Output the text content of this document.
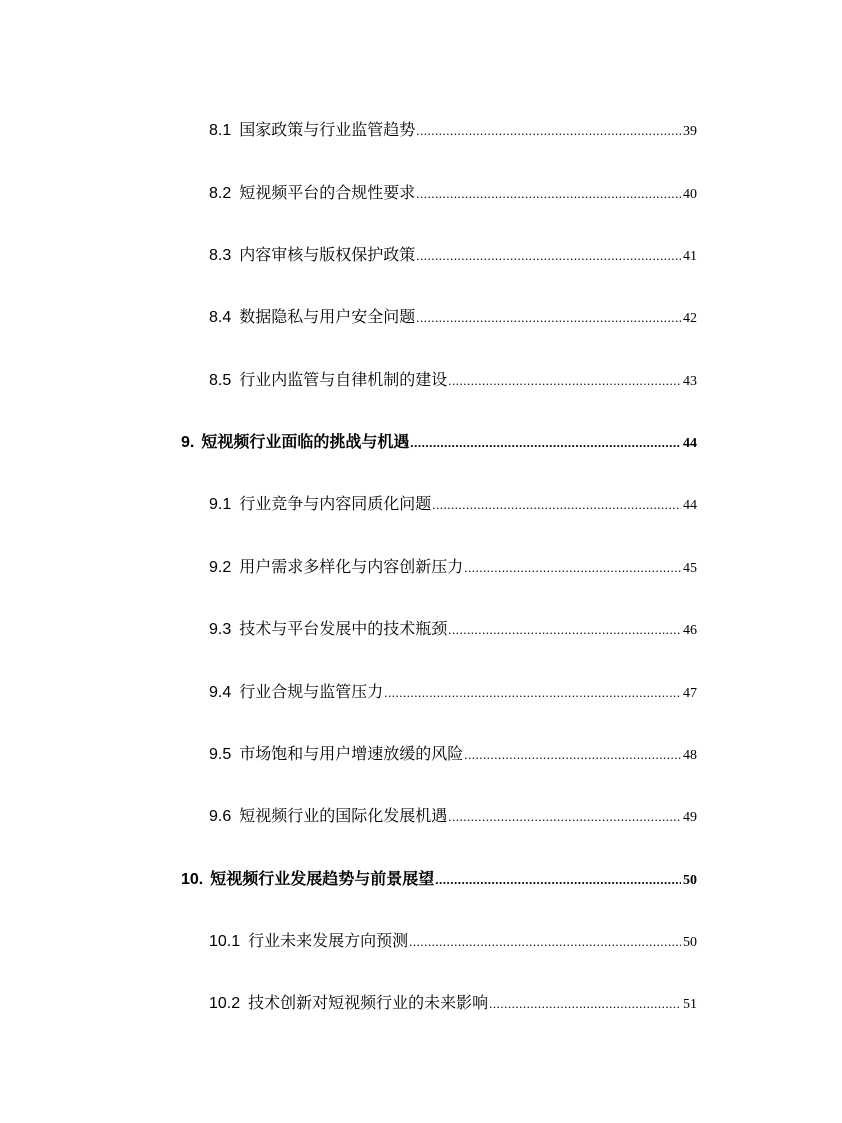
8.1 国家政策与行业监管趋势 .....	39
8.2 短视频平台的合规性要求 .....	40
8.3 内容审核与版权保护政策 .....	41
8.4 数据隐私与用户安全问题 .....	42
8.5 行业内监管与自律机制的建设 .....	43
9. 短视频行业面临的挑战与机遇 .....	44
9.1 行业竞争与内容同质化问题 .....	44
9.2 用户需求多样化与内容创新压力 .....	45
9.3 技术与平台发展中的技术瓶颈 .....	46
9.4 行业合规与监管压力 .....	47
9.5 市场饱和与用户增速放缓的风险 .....	48
9.6 短视频行业的国际化发展机遇 .....	49
10. 短视频行业发展趋势与前景展望 .....	50
10.1 行业未来发展方向预测 .....	50
10.2 技术创新对短视频行业的未来影响 .....	51
